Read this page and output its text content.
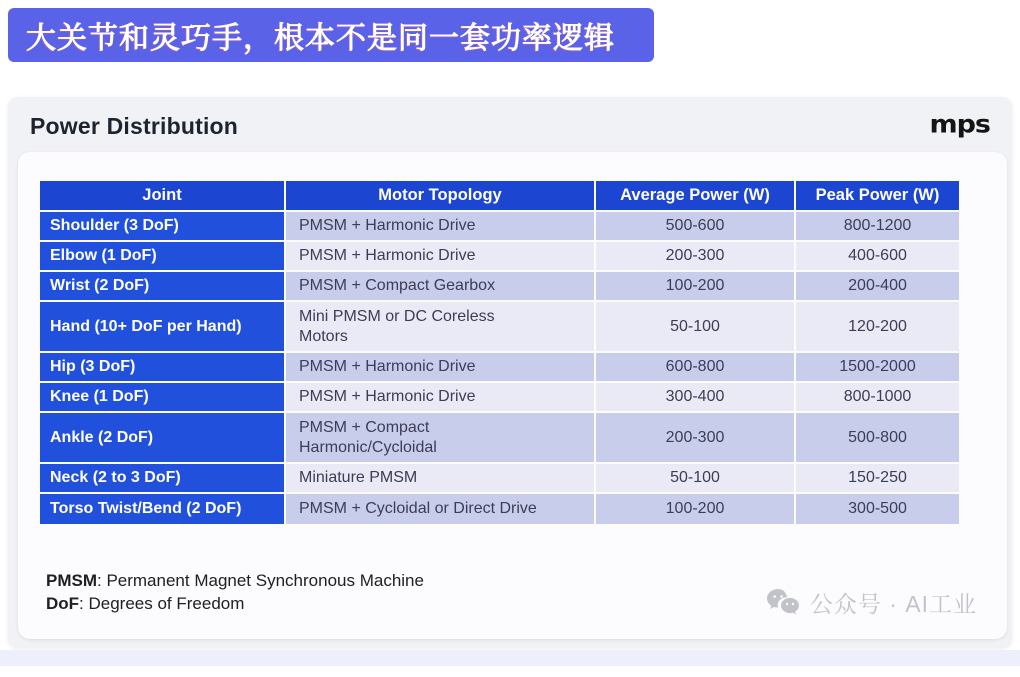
大关节和灵巧手，根本不是同一套功率逻辑
Power Distribution	mps
Joint	Motor Topology	Average Power (W)	Peak Power (W)
Shoulder (3 DoF)	PMSM + Harmonic Drive	500-600	800-1200
Elbow (1 DoF)	PMSM + Harmonic Drive	200-300	400-600
Wrist (2 DoF)	PMSM + Compact Gearbox	100-200	200-400
Hand (10+ DoF per Hand)	Mini PMSM or DC Coreless Motors	50-100	120-200
Hip (3 DoF)	PMSM + Harmonic Drive	600-800	1500-2000
Knee (1 DoF)	PMSM + Harmonic Drive	300-400	800-1000
Ankle (2 DoF)	PMSM + Compact Harmonic/Cycloidal	200-300	500-800
Neck (2 to 3 DoF)	Miniature PMSM	50-100	150-250
Torso Twist/Bend (2 DoF)	PMSM + Cycloidal or Direct Drive	100-200	300-500
PMSM: Permanent Magnet Synchronous Machine
DoF: Degrees of Freedom	公众号 · AI工业
